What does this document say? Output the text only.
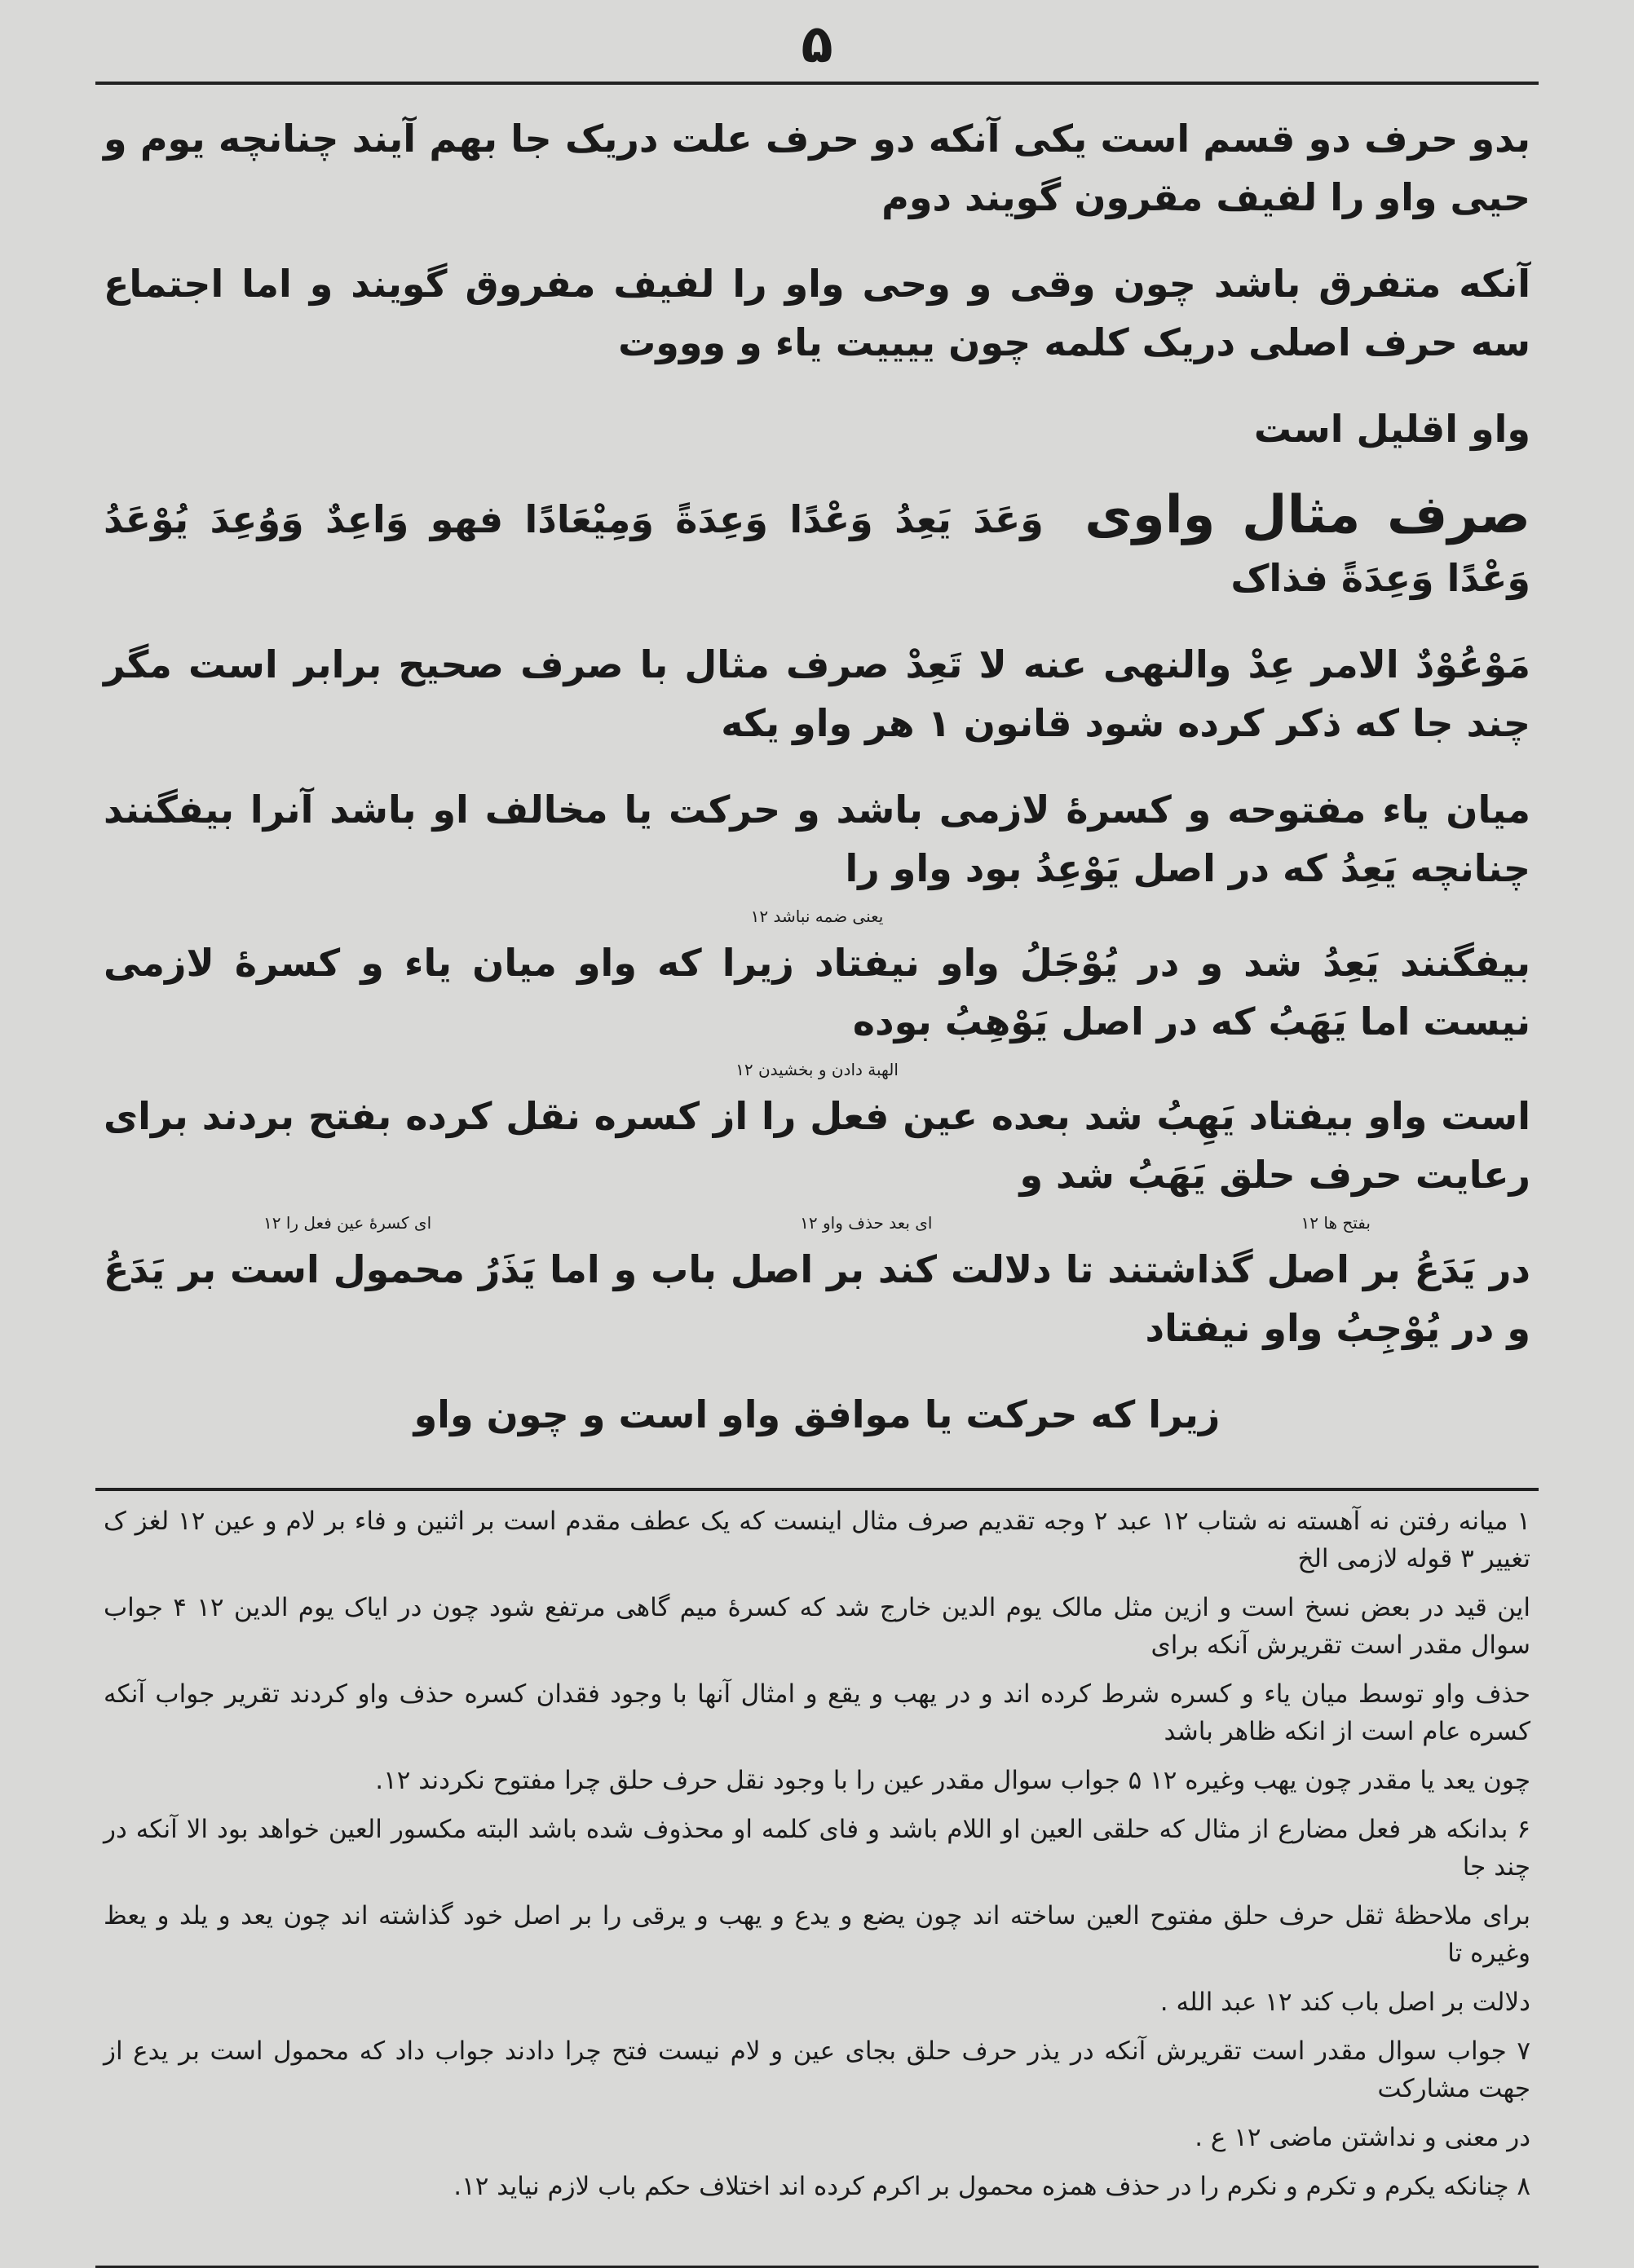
۵
بدو حرف دو قسم است یکی آنکه دو حرف علت دریک جا بهم آیند چنانچه یوم و حیی واو را لفیف مقرون گویند دوم
آنکه متفرق باشد چون وقی و وحی واو را لفیف مفروق گویند و اما اجتماع سه حرف اصلی دریک کلمه چون ییییت یاء و وووت
واو اقلیل است
صرف مثال واوی وَعَدَ یَعِدُ وَعْدًا وَعِدَةً وَمِیْعَادًا فهو وَاعِدٌ وَوُعِدَ یُوْعَدُ وَعْدًا وَعِدَةً فذاک
مَوْعُوْدٌ الامر عِدْ والنهی عنه لا تَعِدْ صرف مثال با صرف صحیح برابر است مگر چند جا که ذکر کرده شود قانون ۱ هر واو یکه
میان یاء مفتوحه و کسرهٔ لازمی باشد و حرکت یا مخالف او باشد آنرا بیفگنند چنانچه یَعِدُ که در اصل یَوْعِدُ بود واو را
یعنی ضمه نباشد ۱۲
بیفگنند یَعِدُ شد و در یُوْجَلُ واو نیفتاد زیرا که واو میان یاء و کسرهٔ لازمی نیست اما یَهَبُ که در اصل یَوْهِبُ بوده
الهبة دادن و بخشیدن ۱۲
است واو بیفتاد یَهِبُ شد بعده عین فعل را از کسره نقل کرده بفتح بردند برای رعایت حرف حلق یَهَبُ شد و
بفتح ها ۱۲
ای بعد حذف واو ۱۲
ای کسرهٔ عین فعل را ۱۲
در یَدَعُ بر اصل گذاشتند تا دلالت کند بر اصل باب و اما یَذَرُ محمول است بر یَدَعُ و در یُوْجِبُ واو نیفتاد
زیرا که حرکت یا موافق واو است و چون واو
۱ میانه رفتن نه آهسته نه شتاب ۱۲ عبد ۲ وجه تقدیم صرف مثال اینست که یک عطف مقدم است بر اثنین و فاء بر لام و عین ۱۲ لغز ک تغییر ۳ قوله لازمی الخ
این قید در بعض نسخ است و ازین مثل مالک یوم الدین خارج شد که کسرهٔ میم گاهی مرتفع شود چون در ایاک یوم الدین ۱۲ ۴ جواب سوال مقدر است تقریرش آنکه برای
حذف واو توسط میان یاء و کسره شرط کرده اند و در یهب و یقع و امثال آنها با وجود فقدان کسره حذف واو کردند تقریر جواب آنکه کسره عام است از انکه ظاهر باشد
چون یعد یا مقدر چون یهب وغیره ۱۲ ۵ جواب سوال مقدر عین را با وجود نقل حرف حلق چرا مفتوح نکردند ۱۲.
۶ بدانکه هر فعل مضارع از مثال که حلقی العین او اللام باشد و فای کلمه او محذوف شده باشد البته مکسور العین خواهد بود الا آنکه در چند جا
برای ملاحظهٔ ثقل حرف حلق مفتوح العین ساخته اند چون یضع و یدع و یهب و یرقی را بر اصل خود گذاشته اند چون یعد و یلد و یعظ وغیره تا
دلالت بر اصل باب کند ۱۲ عبد الله .
۷ جواب سوال مقدر است تقریرش آنکه در یذر حرف حلق بجای عین و لام نیست فتح چرا دادند جواب داد که محمول است بر یدع از جهت مشارکت
در معنی و نداشتن ماضی ۱۲ ع .
۸ چنانکه یکرم و تکرم و نکرم را در حذف همزه محمول بر اکرم کرده اند اختلاف حکم باب لازم نیاید ۱۲.
